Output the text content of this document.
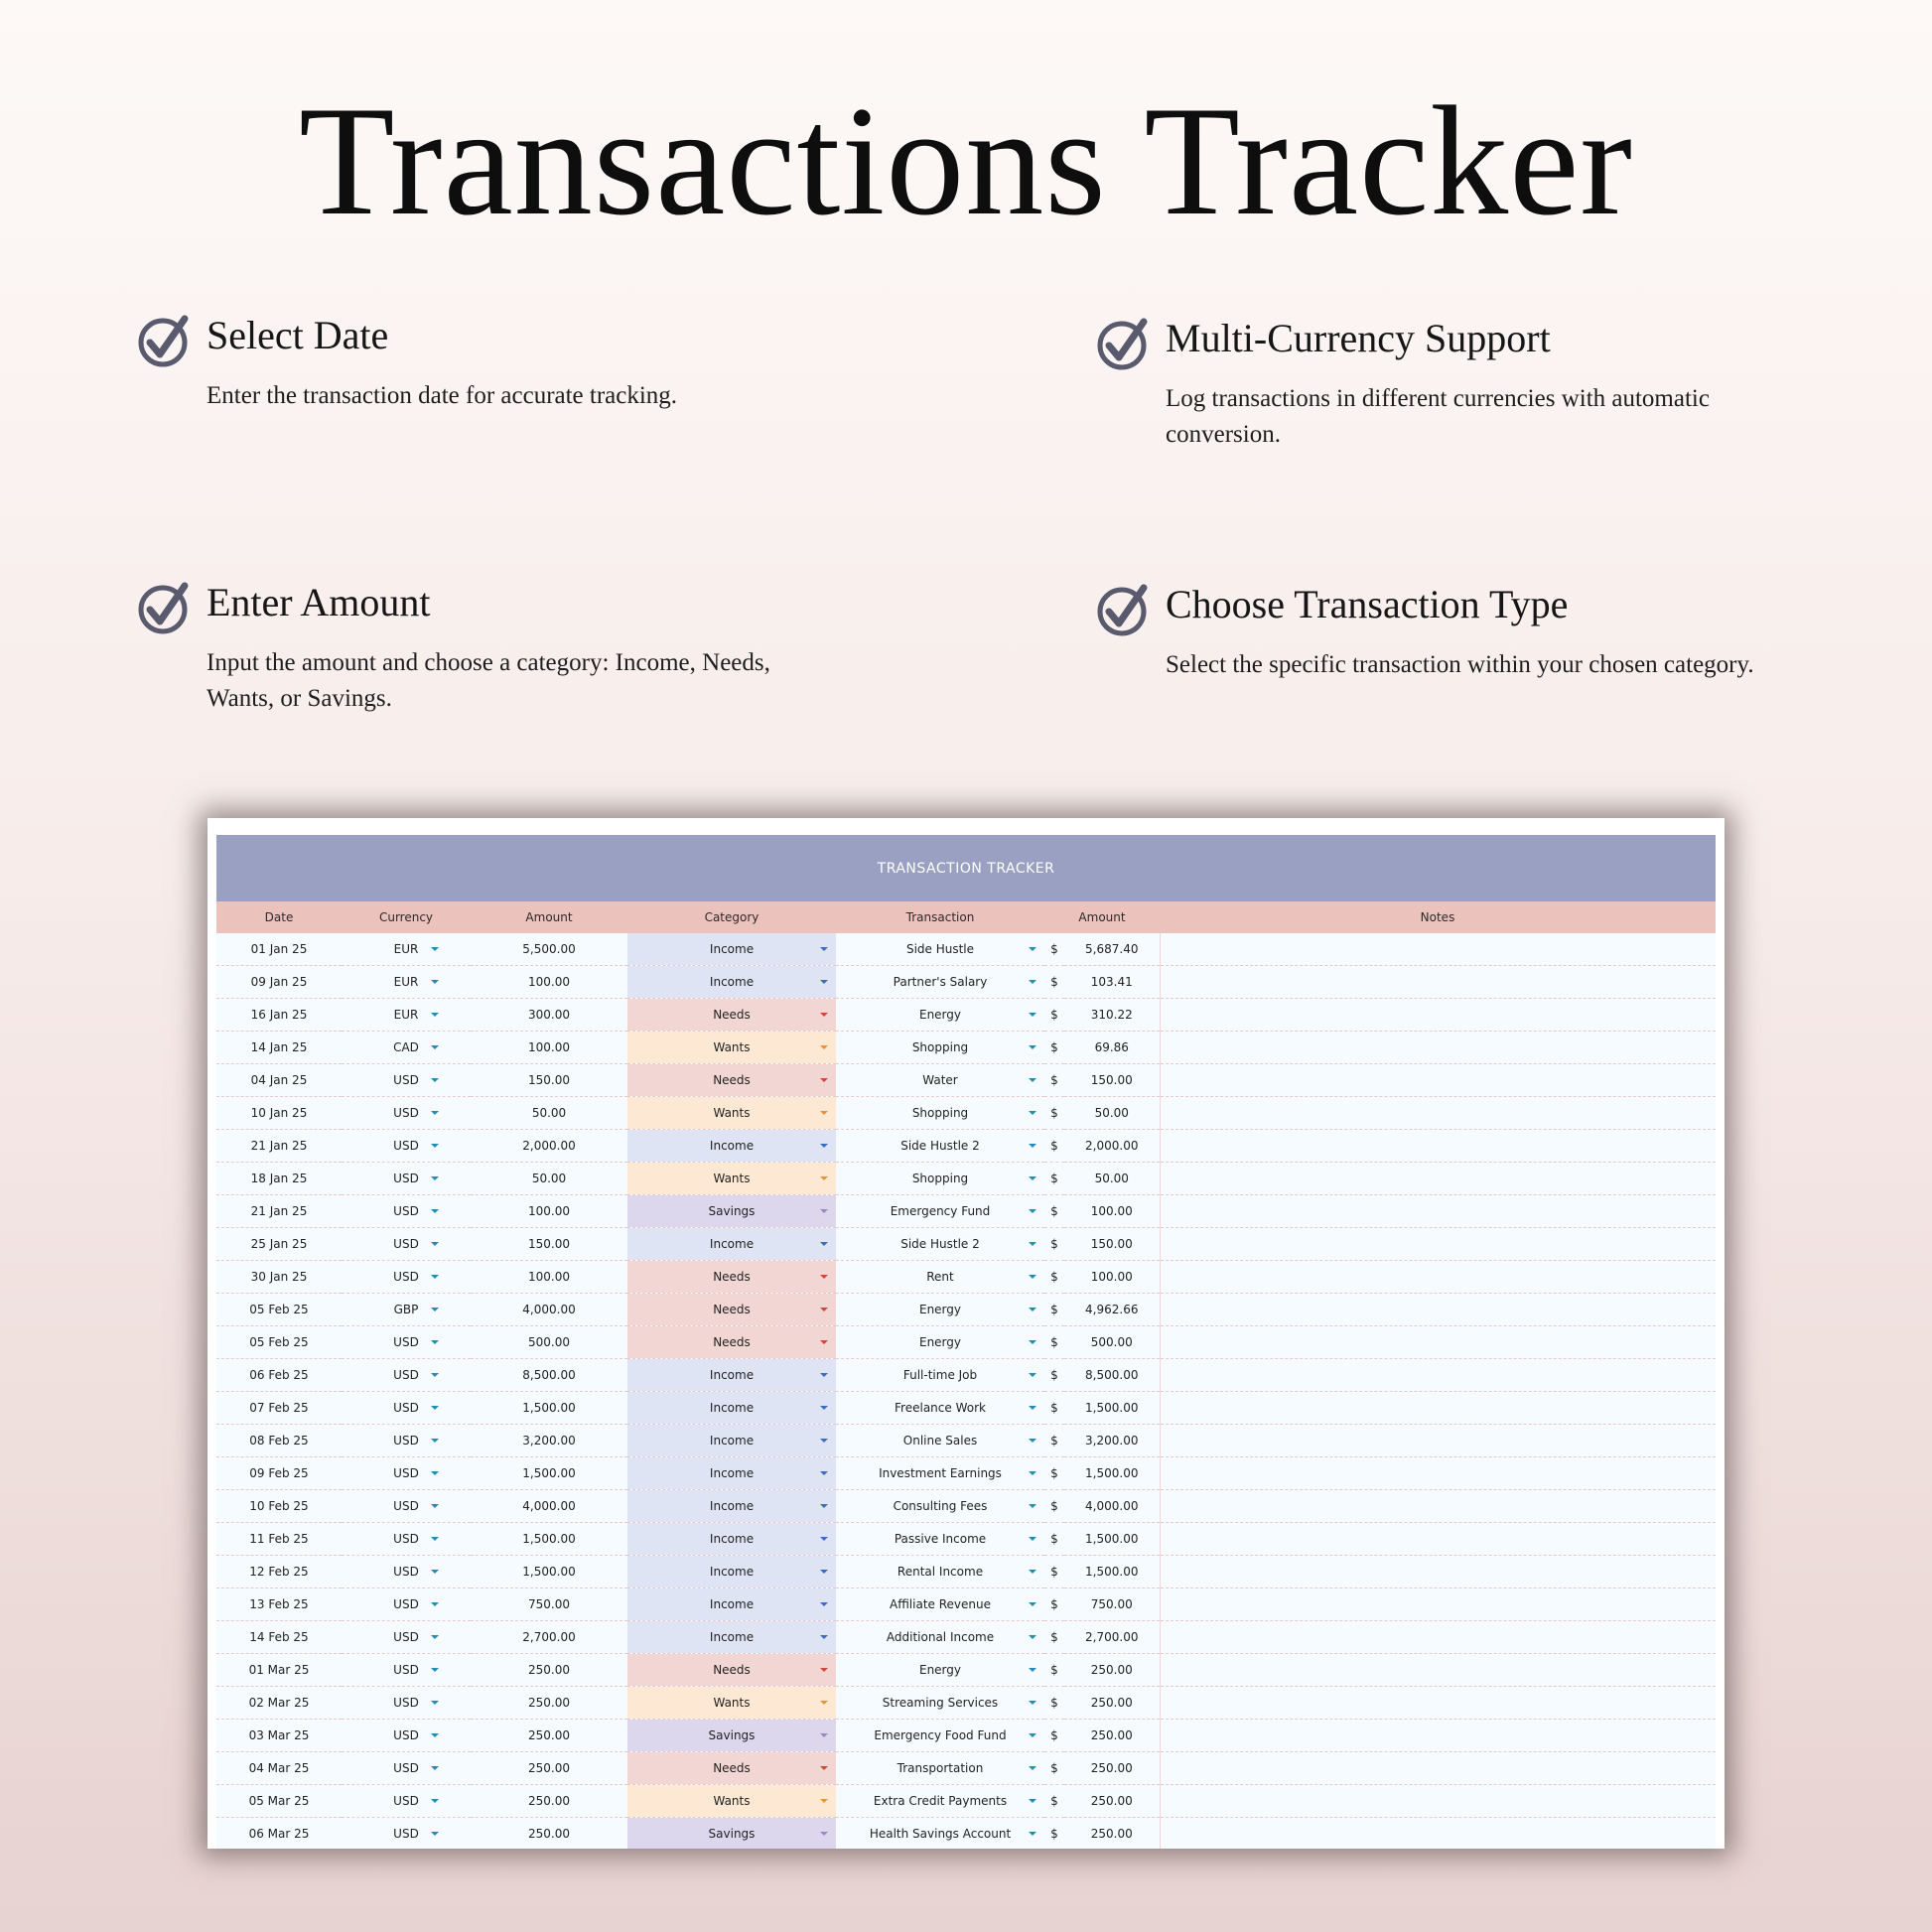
Transactions Tracker
Select Date
Enter the transaction date for accurate tracking.
Multi-Currency Support
Log transactions in different currencies with automatic conversion.
Enter Amount
Input the amount and choose a category: Income, Needs, Wants, or Savings.
Choose Transaction Type
Select the specific transaction within your chosen category.
TRANSACTION TRACKER
Date	Currency	Amount	Category	Transaction	Amount		Notes
01 Jan 25	EUR	5,500.00	Income	Side Hustle	$	5,687.40	
09 Jan 25	EUR	100.00	Income	Partner's Salary	$	103.41	
16 Jan 25	EUR	300.00	Needs	Energy	$	310.22	
14 Jan 25	CAD	100.00	Wants	Shopping	$	69.86	
04 Jan 25	USD	150.00	Needs	Water	$	150.00	
10 Jan 25	USD	50.00	Wants	Shopping	$	50.00	
21 Jan 25	USD	2,000.00	Income	Side Hustle 2	$	2,000.00	
18 Jan 25	USD	50.00	Wants	Shopping	$	50.00	
21 Jan 25	USD	100.00	Savings	Emergency Fund	$	100.00	
25 Jan 25	USD	150.00	Income	Side Hustle 2	$	150.00	
30 Jan 25	USD	100.00	Needs	Rent	$	100.00	
05 Feb 25	GBP	4,000.00	Needs	Energy	$	4,962.66	
05 Feb 25	USD	500.00	Needs	Energy	$	500.00	
06 Feb 25	USD	8,500.00	Income	Full-time Job	$	8,500.00	
07 Feb 25	USD	1,500.00	Income	Freelance Work	$	1,500.00	
08 Feb 25	USD	3,200.00	Income	Online Sales	$	3,200.00	
09 Feb 25	USD	1,500.00	Income	Investment Earnings	$	1,500.00	
10 Feb 25	USD	4,000.00	Income	Consulting Fees	$	4,000.00	
11 Feb 25	USD	1,500.00	Income	Passive Income	$	1,500.00	
12 Feb 25	USD	1,500.00	Income	Rental Income	$	1,500.00	
13 Feb 25	USD	750.00	Income	Affiliate Revenue	$	750.00	
14 Feb 25	USD	2,700.00	Income	Additional Income	$	2,700.00	
01 Mar 25	USD	250.00	Needs	Energy	$	250.00	
02 Mar 25	USD	250.00	Wants	Streaming Services	$	250.00	
03 Mar 25	USD	250.00	Savings	Emergency Food Fund	$	250.00	
04 Mar 25	USD	250.00	Needs	Transportation	$	250.00	
05 Mar 25	USD	250.00	Wants	Extra Credit Payments	$	250.00	
06 Mar 25	USD	250.00	Savings	Health Savings Account	$	250.00	
